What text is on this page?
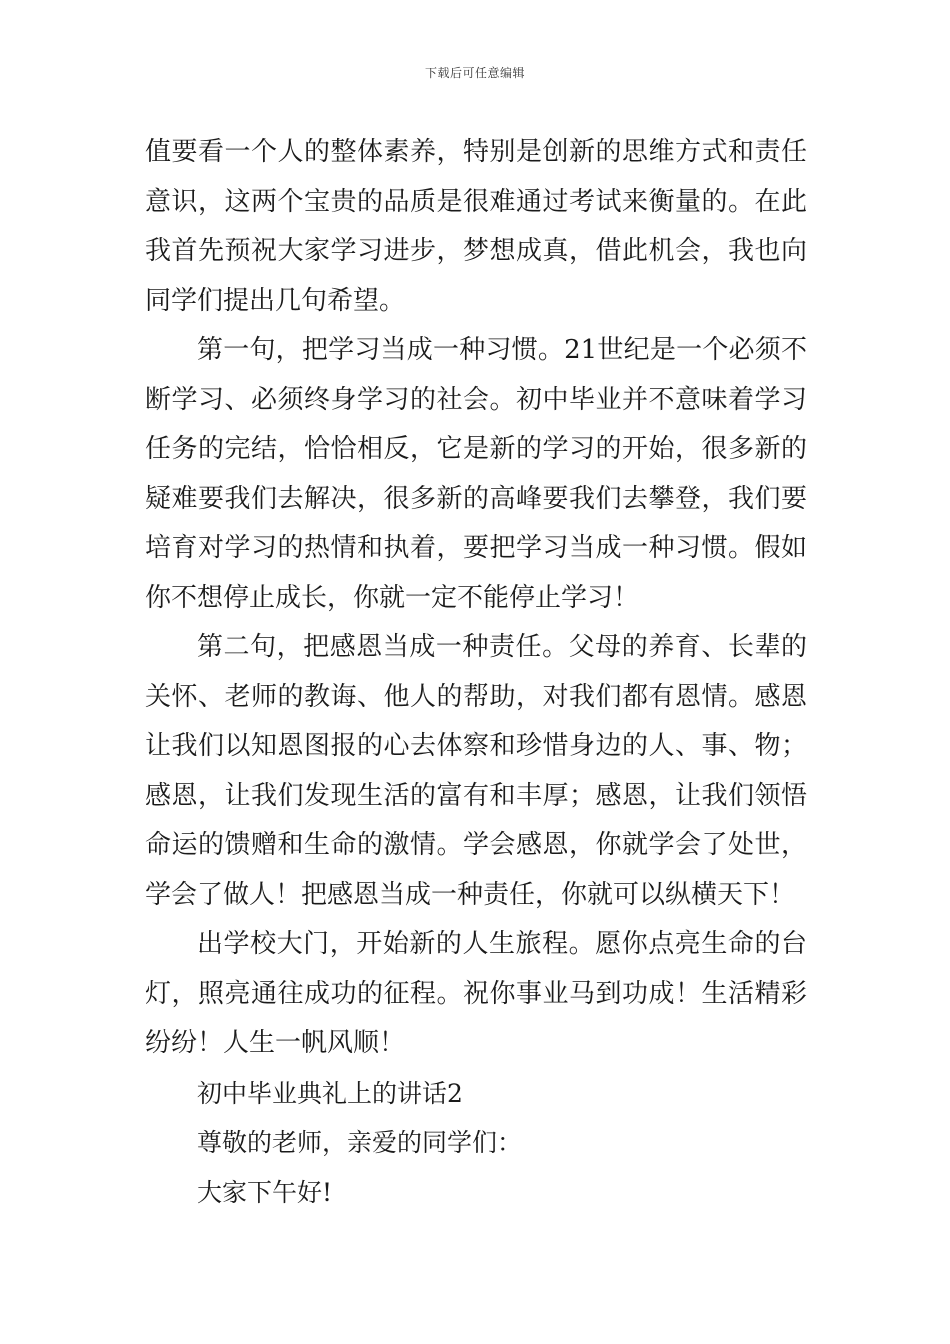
下载后可任意编辑

值要看一个人的整体素养，特别是创新的思维方式和责任意识，这两个宝贵的品质是很难通过考试来衡量的。在此我首先预祝大家学习进步，梦想成真，借此机会，我也向同学们提出几句希望。

第一句，把学习当成一种习惯。21世纪是一个必须不断学习、必须终身学习的社会。初中毕业并不意味着学习任务的完结，恰恰相反，它是新的学习的开始，很多新的疑难要我们去解决，很多新的高峰要我们去攀登，我们要培育对学习的热情和执着，要把学习当成一种习惯。假如你不想停止成长，你就一定不能停止学习！

第二句，把感恩当成一种责任。父母的养育、长辈的关怀、老师的教诲、他人的帮助，对我们都有恩情。感恩让我们以知恩图报的心去体察和珍惜身边的人、事、物；感恩，让我们发现生活的富有和丰厚；感恩，让我们领悟命运的馈赠和生命的激情。学会感恩，你就学会了处世，学会了做人！把感恩当成一种责任，你就可以纵横天下！

出学校大门，开始新的人生旅程。愿你点亮生命的台灯，照亮通往成功的征程。祝你事业马到功成！生活精彩纷纷！人生一帆风顺！

初中毕业典礼上的讲话2

尊敬的老师，亲爱的同学们：

大家下午好!
